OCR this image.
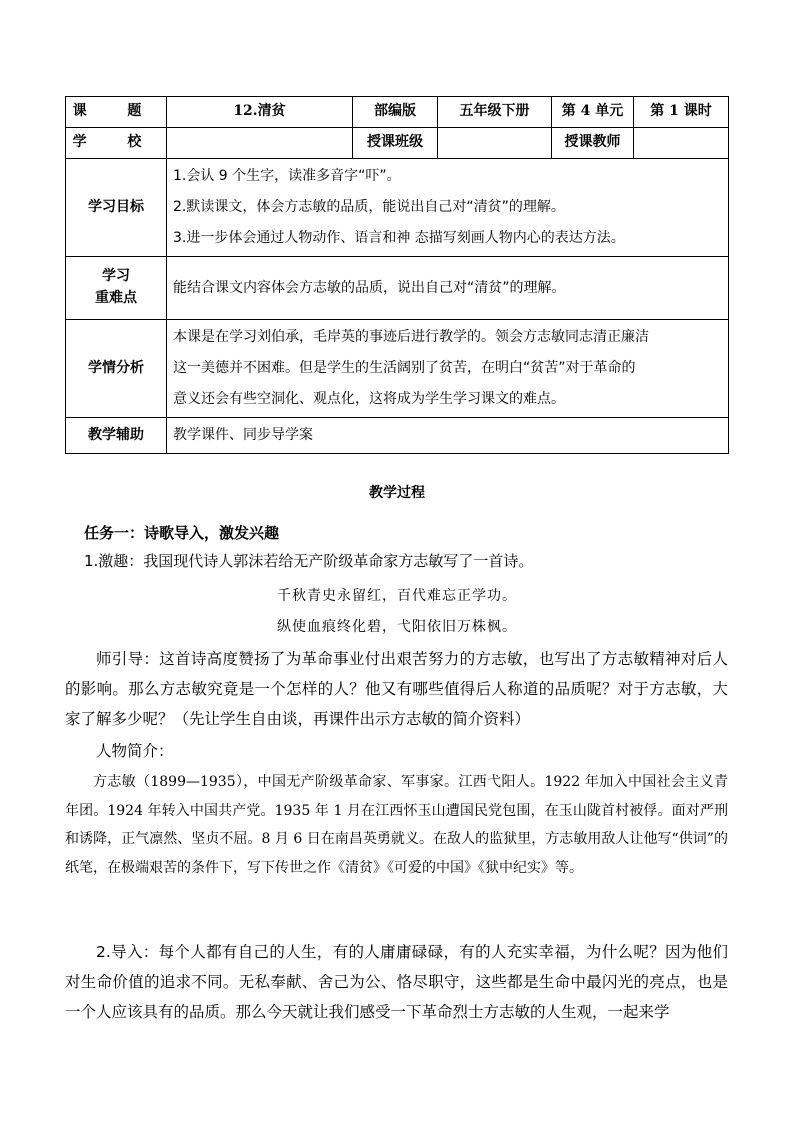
课 题	12.清贫	部编版	五年级下册	第 4 单元	第 1 课时
学 校		授课班级		授课教师	
学习目标	1.会认 9 个生字，读准多音字“吓”。
2.默读课文，体会方志敏的品质，能说出自己对“清贫”的理解。
3.进一步体会通过人物动作、语言和神 态描写刻画人物内心的表达方法。				

学习
重难点	能结合课文内容体会方志敏的品质，说出自己对“清贫”的理解。				
学情分析	本课是在学习刘伯承，毛岸英的事迹后进行教学的。领会方志敏同志清正廉洁
这一美德并不困难。但是学生的生活阔别了贫苦，在明白“贫苦”对于革命的
意义还会有些空洞化、观点化，这将成为学生学习课文的难点。				

教学辅助	教学课件、同步导学案				
教学过程
任务一：诗歌导入，激发兴趣
1.激趣：我国现代诗人郭沫若给无产阶级革命家方志敏写了一首诗。
千秋青史永留红，百代难忘正学功。
纵使血痕终化碧，弋阳依旧万株枫。
师引导：这首诗高度赞扬了为革命事业付出艰苦努力的方志敏，也写出了方志敏精神对后人的影响。那么方志敏究竟是一个怎样的人？他又有哪些值得后人称道的品质呢？对于方志敏，大家了解多少呢？（先让学生自由谈，再课件出示方志敏的简介资料）
人物简介：
方志敏（1899—1935），中国无产阶级革命家、军事家。江西弋阳人。1922 年加入中国社会主义青年团。1924 年转入中国共产党。1935 年 1 月在江西怀玉山遭国民党包围，在玉山陇首村被俘。面对严刑和诱降，正气凛然、坚贞不屈。8 月 6 日在南昌英勇就义。在敌人的监狱里，方志敏用敌人让他写“供词”的纸笔，在极端艰苦的条件下，写下传世之作《清贫》《可爱的中国》《狱中纪实》等。
2.导入：每个人都有自己的人生，有的人庸庸碌碌，有的人充实幸福，为什么呢？因为他们对生命价值的追求不同。无私奉献、舍己为公、恪尽职守，这些都是生命中最闪光的亮点，也是一个人应该具有的品质。那么今天就让我们感受一下革命烈士方志敏的人生观，一起来学
